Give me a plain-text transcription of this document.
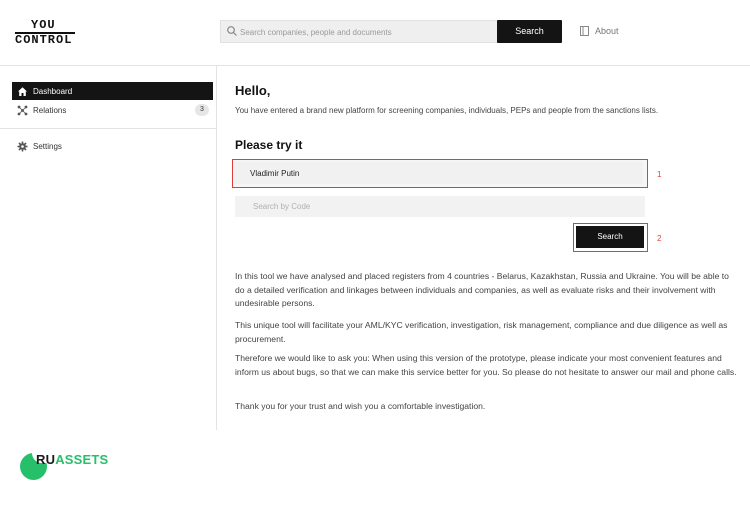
YOU
CONTROL
Search companies, people and documents
Search	About
Dashboard
Relations	3
Settings
Hello,
You have entered a brand new platform for screening companies, individuals, PEPs and people from the sanctions lists.
Please try it
Vladimir Putin
1
Search by Code
Search	2
In this tool we have analysed and placed registers from 4 countries - Belarus, Kazakhstan, Russia and Ukraine. You will be able to do a detailed verification and linkages between individuals and companies, as well as evaluate risks and their involvement with undesirable persons.
This unique tool will facilitate your AML/KYC verification, investigation, risk management, compliance and due diligence as well as procurement.
Therefore we would like to ask you: When using this version of the prototype, please indicate your most convenient features and inform us about bugs, so that we can make this service better for you. So please do not hesitate to answer our mail and phone calls.
Thank you for your trust and wish you a comfortable investigation.
RUASSETS
